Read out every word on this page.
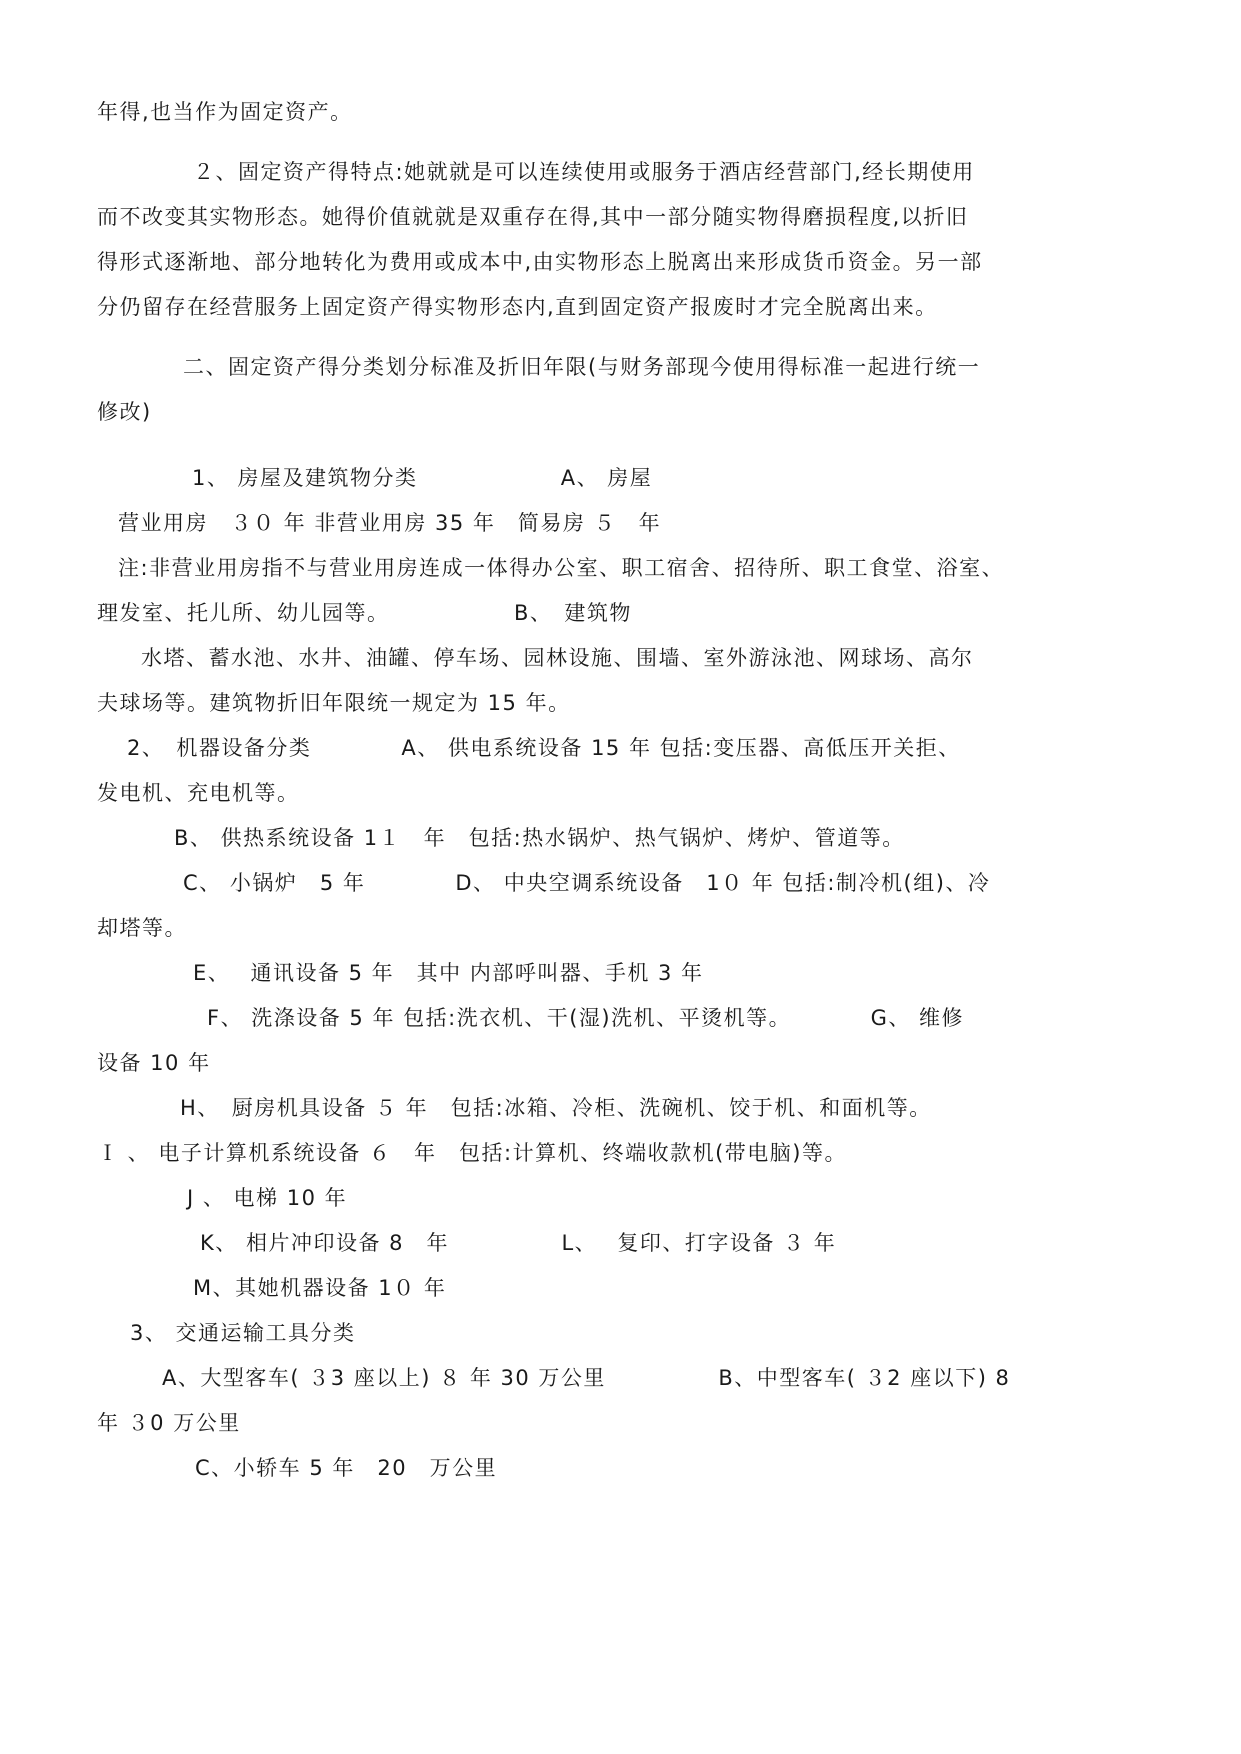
年得,也当作为固定资产。
２、固定资产得特点:她就就是可以连续使用或服务于酒店经营部门,经长期使用
而不改变其实物形态。她得价值就就是双重存在得,其中一部分随实物得磨损程度,以折旧
得形式逐渐地、部分地转化为费用或成本中,由实物形态上脱离出来形成货币资金。另一部
分仍留存在经营服务上固定资产得实物形态内,直到固定资产报废时才完全脱离出来。
二、固定资产得分类划分标准及折旧年限(与财务部现今使用得标准一起进行统一
修改)
1、 房屋及建筑物分类　　　　　　 A、 房屋
营业用房　３０ 年 非营业用房 35 年　简易房 ５　年
注:非营业用房指不与营业用房连成一体得办公室、职工宿舍、招待所、职工食堂、浴室、
理发室、托儿所、幼儿园等。　　　　　　B、　建筑物
水塔、蓄水池、水井、油罐、停车场、园林设施、围墙、室外游泳池、网球场、高尔
夫球场等。建筑物折旧年限统一规定为 15 年。
2、　机器设备分类　　　　A、 供电系统设备 15 年 包括:变压器、高低压开关拒、
发电机、充电机等。
B、 供热系统设备 1１　年　包括:热水锅炉、热气锅炉、烤炉、管道等。
C、 小锅炉　5 年　　　　D、 中央空调系统设备　1０ 年 包括:制冷机(组)、冷
却塔等。
E、　 通讯设备 5 年　其中 内部呼叫器、手机 3 年
F、 洗涤设备 5 年 包括:洗衣机、干(湿)洗机、平烫机等。　　　　G、 维修
设备 10 年
H、　厨房机具设备 ５ 年　包括:冰箱、冷柜、洗碗机、饺于机、和面机等。
Ｉ 、 电子计算机系统设备 ６　年　包括:计算机、终端收款机(带电脑)等。
J 、 电梯 10 年
K、 相片冲印设备 8　年　　　　　L、　 复印、打字设备 ３ 年
M、其她机器设备 1０ 年
3、 交通运输工具分类
A、大型客车( ３3 座以上) ８ 年 30 万公里　　　　　B、中型客车( ３2 座以下) 8
年 ３0 万公里
C、小轿车 5 年　20　万公里
